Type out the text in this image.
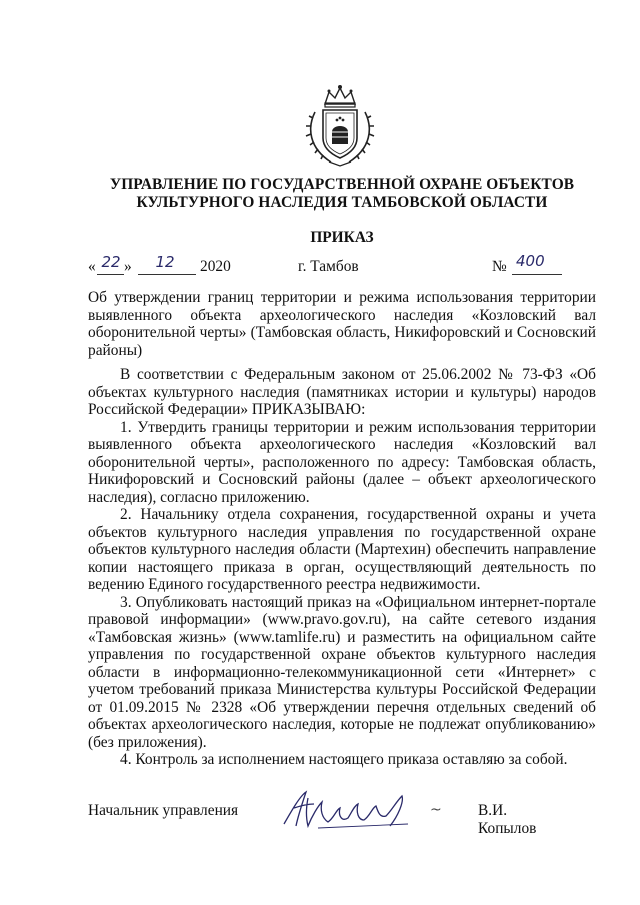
УПРАВЛЕНИЕ ПО ГОСУДАРСТВЕННОЙ ОХРАНЕ ОБЪЕКТОВ
КУЛЬТУРНОГО НАСЛЕДИЯ ТАМБОВСКОЙ ОБЛАСТИ
ПРИКАЗ
« 22 »	12	2020	г. Тамбов	№ 400
Об утверждении границ территории и режима использования территории выявленного объекта археологического наследия «Козловский вал оборонительной черты» (Тамбовская область, Никифоровский и Сосновский районы)

В соответствии с Федеральным законом от 25.06.2002 № 73-ФЗ «Об объектах культурного наследия (памятниках истории и культуры) народов Российской Федерации» ПРИКАЗЫВАЮ:

1. Утвердить границы территории и режим использования территории выявленного объекта археологического наследия «Козловский вал оборонительной черты», расположенного по адресу: Тамбовская область, Никифоровский и Сосновский районы (далее – объект археологического наследия), согласно приложению.

2. Начальнику отдела сохранения, государственной охраны и учета объектов культурного наследия управления по государственной охране объектов культурного наследия области (Мартехин) обеспечить направление копии настоящего приказа в орган, осуществляющий деятельность по ведению Единого государственного реестра недвижимости.

3. Опубликовать настоящий приказ на «Официальном интернет-портале правовой информации» (www.pravo.gov.ru), на сайте сетевого издания «Тамбовская жизнь» (www.tamlife.ru) и разместить на официальном сайте управления по государственной охране объектов культурного наследия области в информационно-телекоммуникационной сети «Интернет» с учетом требований приказа Министерства культуры Российской Федерации от 01.09.2015 № 2328 «Об утверждении перечня отдельных сведений об объектах археологического наследия, которые не подлежат опубликованию» (без приложения).

4. Контроль за исполнением настоящего приказа оставляю за собой.

Начальник управления	~ В.И. Копылов
